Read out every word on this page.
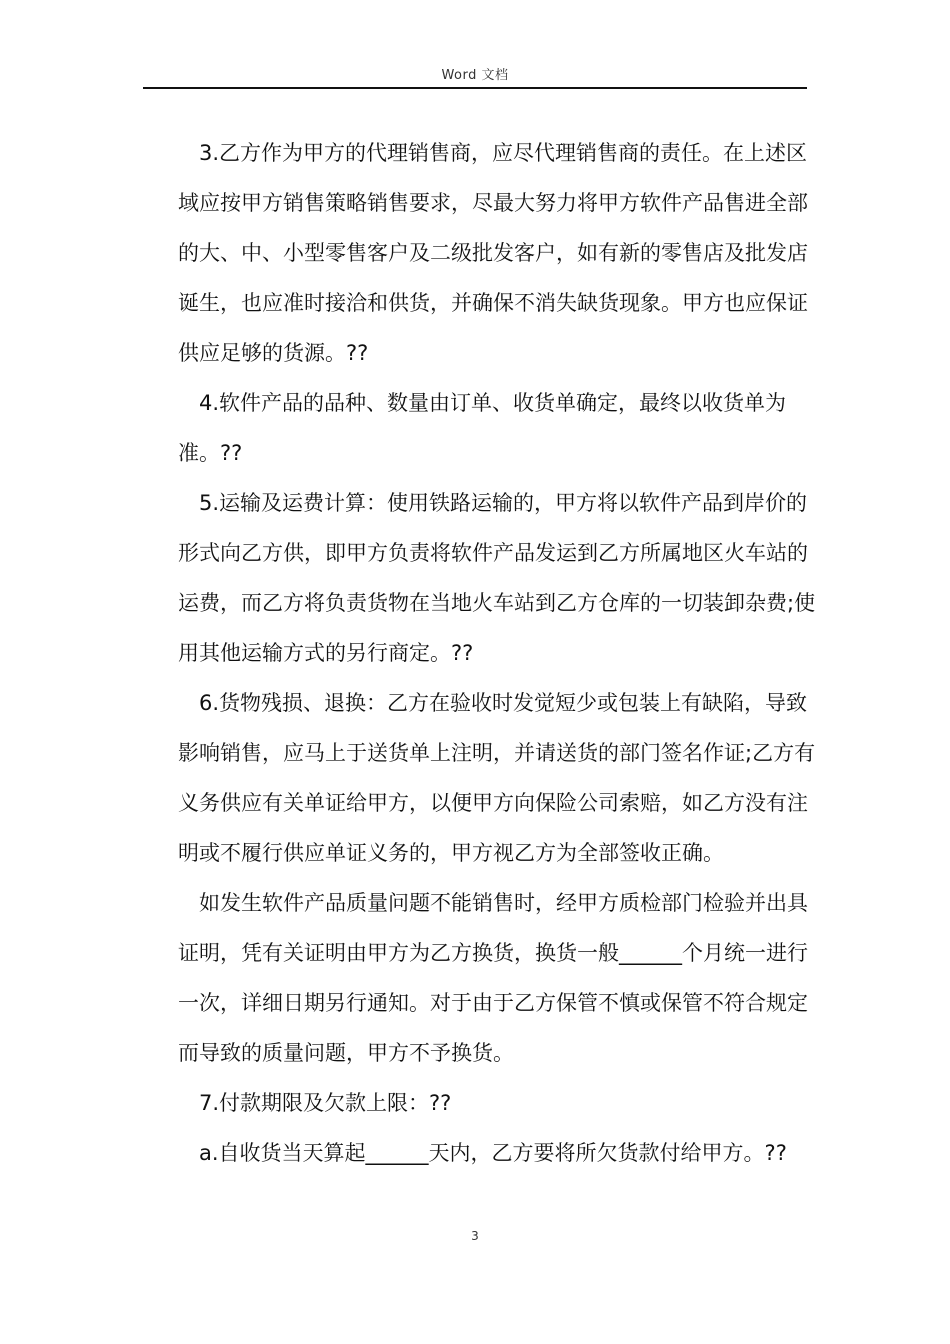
Word 文档

3.乙方作为甲方的代理销售商，应尽代理销售商的责任。在上述区域应按甲方销售策略销售要求，尽最大努力将甲方软件产品售进全部的大、中、小型零售客户及二级批发客户，如有新的零售店及批发店诞生，也应准时接洽和供货，并确保不消失缺货现象。甲方也应保证供应足够的货源。??

4.软件产品的品种、数量由订单、收货单确定，最终以收货单为准。??

5.运输及运费计算：使用铁路运输的，甲方将以软件产品到岸价的形式向乙方供，即甲方负责将软件产品发运到乙方所属地区火车站的运费，而乙方将负责货物在当地火车站到乙方仓库的一切装卸杂费;使用其他运输方式的另行商定。??

6.货物残损、退换：乙方在验收时发觉短少或包装上有缺陷，导致影响销售，应马上于送货单上注明，并请送货的部门签名作证;乙方有义务供应有关单证给甲方，以便甲方向保险公司索赔，如乙方没有注明或不履行供应单证义务的，甲方视乙方为全部签收正确。

如发生软件产品质量问题不能销售时，经甲方质检部门检验并出具证明，凭有关证明由甲方为乙方换货，换货一般______个月统一进行一次，详细日期另行通知。对于由于乙方保管不慎或保管不符合规定而导致的质量问题，甲方不予换货。

7.付款期限及欠款上限：??

a.自收货当天算起______天内，乙方要将所欠货款付给甲方。??

3
